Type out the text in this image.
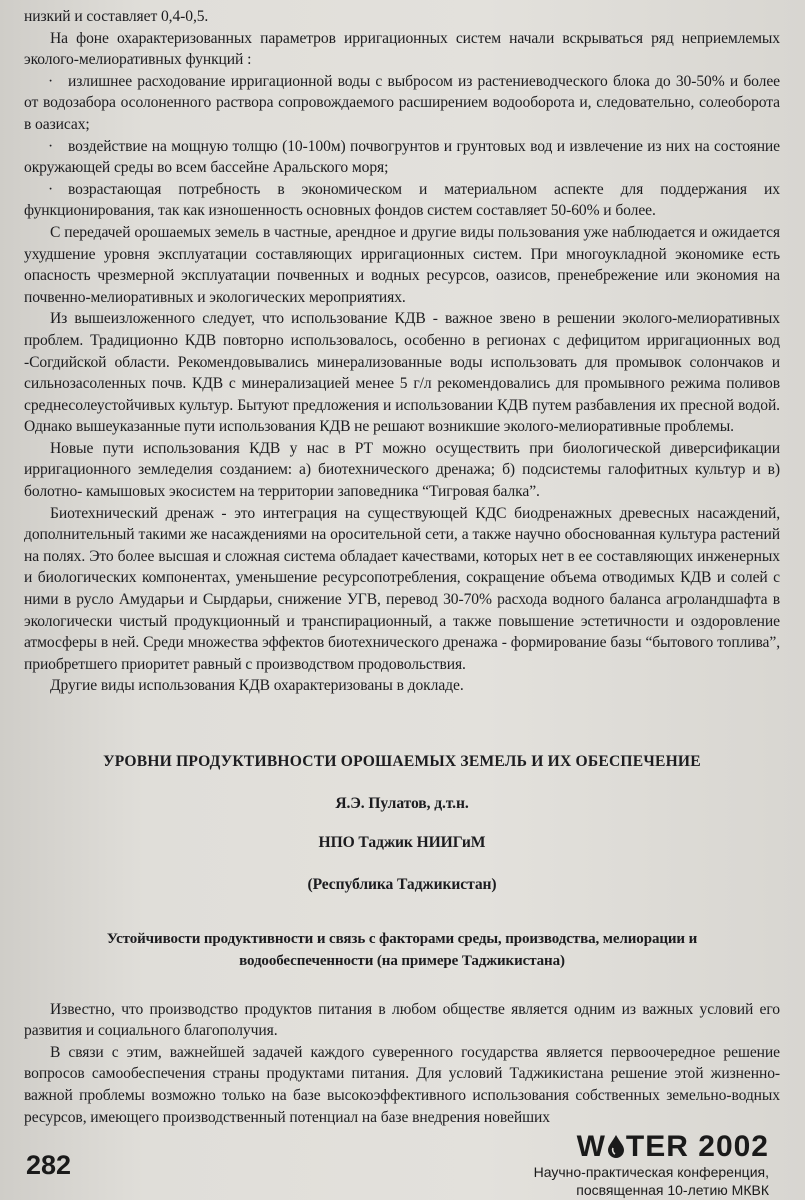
низкий и составляет 0,4-0,5.

На фоне охарактеризованных параметров ирригационных систем начали вскрываться ряд неприемлемых эколого-мелиоративных функций :

· излишнее расходование ирригационной воды с выбросом из растениеводческого блока до 30-50% и более от водозабора осолоненного раствора сопровождаемого расширением водооборота и, следовательно, солеоборота в оазисах;

· воздействие на мощную толщю (10-100м) почвогрунтов и грунтовых вод и извлечение из них на состояние окружающей среды во всем бассейне Аральского моря;

· возрастающая потребность в экономическом и материальном аспекте для поддержания их функционирования, так как изношенность основных фондов систем составляет 50-60% и более.

С передачей орошаемых земель в частные, арендное и другие виды пользования уже наблюдается и ожидается ухудшение уровня эксплуатации составляющих ирригационных систем. При многоукладной экономике есть опасность чрезмерной эксплуатации почвенных и водных ресурсов, оазисов, пренебрежение или экономия на почвенно-мелиоративных и экологических мероприятиях.

Из вышеизложенного следует, что использование КДВ - важное звено в решении эколого-мелиоративных проблем. Традиционно КДВ повторно использовалось, особенно в регионах с дефицитом ирригационных вод -Согдийской области. Рекомендовывались минерализованные воды использовать для промывок солончаков и сильнозасоленных почв. КДВ с минерализацией менее 5 г/л рекомендовались для промывного режима поливов среднесолеустойчивых культур. Бытуют предложения и использовании КДВ путем разбавления их пресной водой. Однако вышеуказанные пути использования КДВ не решают возникшие эколого-мелиоративные проблемы.

Новые пути использования КДВ у нас в РТ можно осуществить при биологической диверсификации ирригационного земледелия созданием: а) биотехнического дренажа; б) подсистемы галофитных культур и в) болотно- камышовых экосистем на территории заповедника “Тигровая балка”.

Биотехнический дренаж - это интеграция на существующей КДС биодренажных древесных насаждений, дополнительный такими же насаждениями на оросительной сети, а также научно обоснованная культура растений на полях. Это более высшая и сложная система обладает качествами, которых нет в ее составляющих инженерных и биологических компонентах, уменьшение ресурсопотребления, сокращение объема отводимых КДВ и солей с ними в русло Амударьи и Сырдарьи, снижение УГВ, перевод 30-70% расхода водного баланса агроландшафта в экологически чистый продукционный и транспирационный, а также повышение эстетичности и оздоровление атмосферы в ней. Среди множества эффектов биотехнического дренажа - формирование базы “бытового топлива”, приобретшего приоритет равный с производством продовольствия.

Другие виды использования КДВ охарактеризованы в докладе.

УРОВНИ ПРОДУКТИВНОСТИ ОРОШАЕМЫХ ЗЕМЕЛЬ И ИХ ОБЕСПЕЧЕНИЕ

Я.Э. Пулатов, д.т.н.

НПО Таджик НИИГиМ

(Республика Таджикистан)

Устойчивости продуктивности и связь с факторами среды, производства, мелиорации и водообеспеченности (на примере Таджикистана)

Известно, что производство продуктов питания в любом обществе является одним из важных условий его развития и социального благополучия.

В связи с этим, важнейшей задачей каждого суверенного государства является первоочередное решение вопросов самообеспечения страны продуктами питания. Для условий Таджикистана решение этой жизненно-важной проблемы возможно только на базе высокоэффективного использования собственных земельно-водных ресурсов, имеющего производственный потенциал на базе внедрения новейших

282
W TER 2002
Научно-практическая конференция,
посвященная 10-летию МКВК
